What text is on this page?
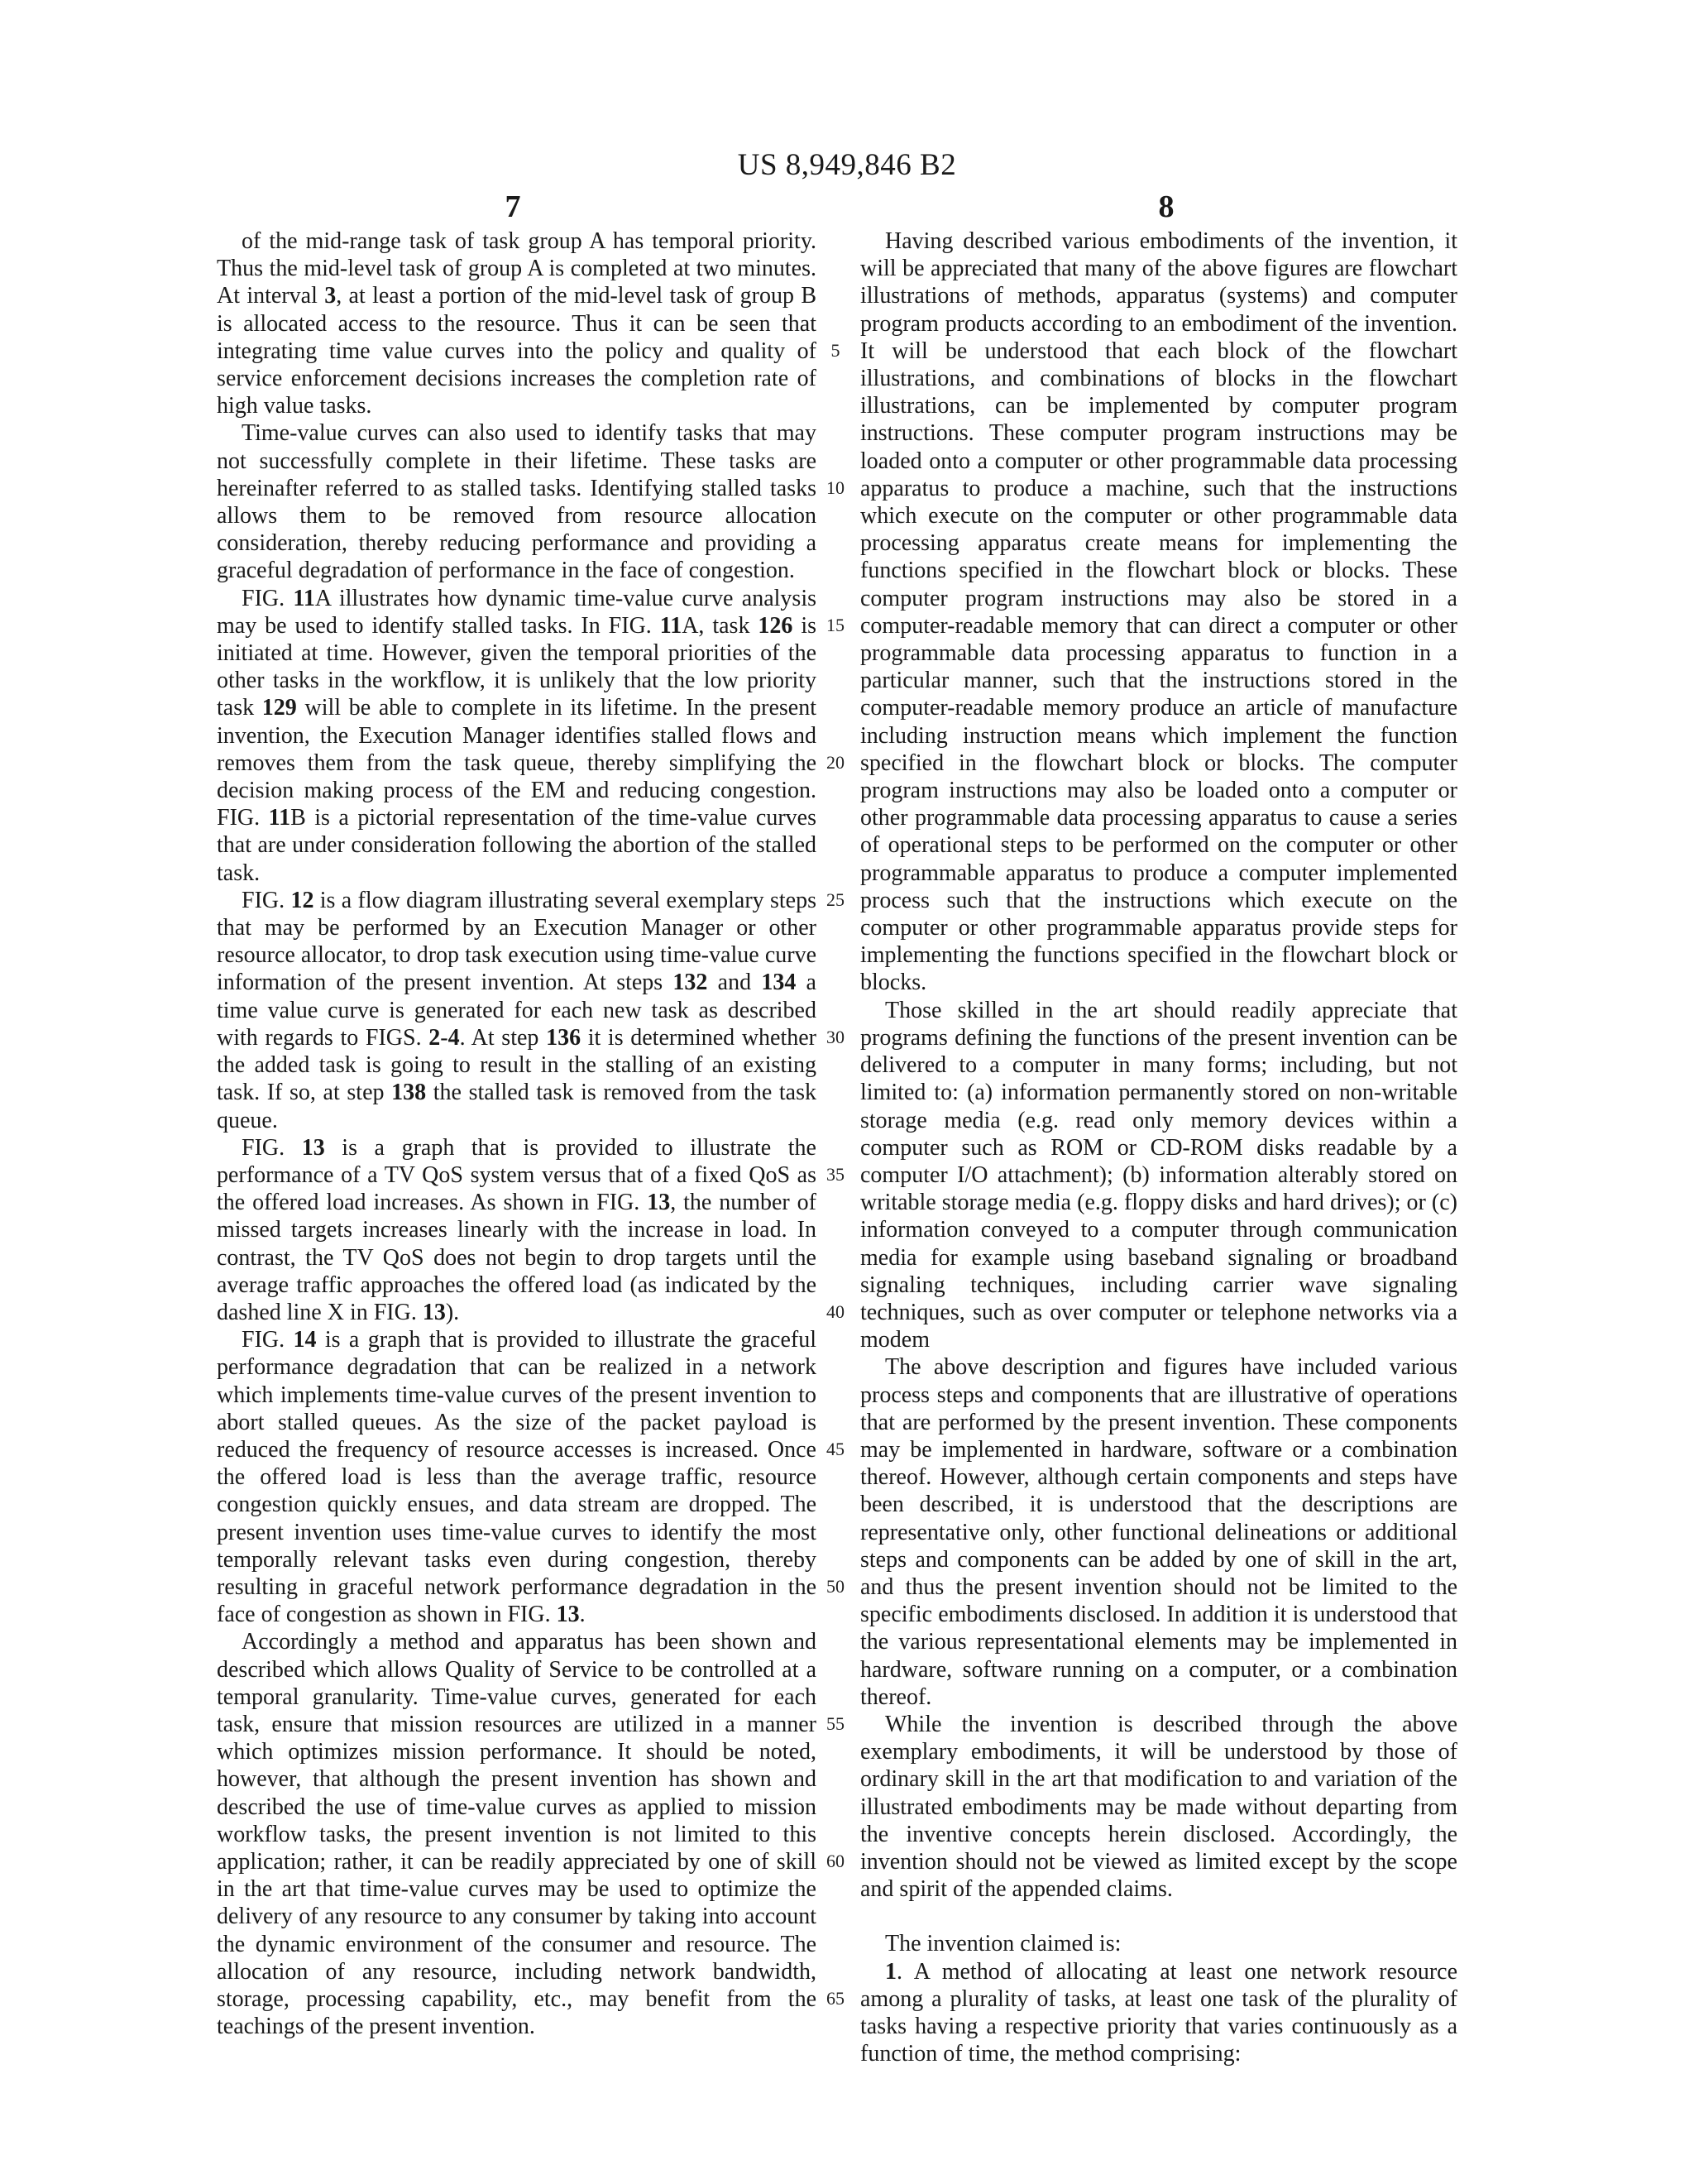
US 8,949,846 B2
7	8

of the mid-range task of task group A has temporal priority. Thus the mid-level task of group A is completed at two minutes. At interval 3, at least a portion of the mid-level task of group B is allocated access to the resource. Thus it can be seen that integrating time value curves into the policy and quality of service enforcement decisions increases the completion rate of high value tasks.

Time-value curves can also used to identify tasks that may not successfully complete in their lifetime. These tasks are hereinafter referred to as stalled tasks. Identifying stalled tasks allows them to be removed from resource allocation consideration, thereby reducing performance and providing a graceful degradation of performance in the face of congestion.

FIG. 11A illustrates how dynamic time-value curve analysis may be used to identify stalled tasks. In FIG. 11A, task 126 is initiated at time. However, given the temporal priorities of the other tasks in the workflow, it is unlikely that the low priority task 129 will be able to complete in its lifetime. In the present invention, the Execution Manager identifies stalled flows and removes them from the task queue, thereby simplifying the decision making process of the EM and reducing congestion. FIG. 11B is a pictorial representation of the time-value curves that are under consideration following the abortion of the stalled task.

FIG. 12 is a flow diagram illustrating several exemplary steps that may be performed by an Execution Manager or other resource allocator, to drop task execution using time-value curve information of the present invention. At steps 132 and 134 a time value curve is generated for each new task as described with regards to FIGS. 2-4. At step 136 it is determined whether the added task is going to result in the stalling of an existing task. If so, at step 138 the stalled task is removed from the task queue.

FIG. 13 is a graph that is provided to illustrate the performance of a TV QoS system versus that of a fixed QoS as the offered load increases. As shown in FIG. 13, the number of missed targets increases linearly with the increase in load. In contrast, the TV QoS does not begin to drop targets until the average traffic approaches the offered load (as indicated by the dashed line X in FIG. 13).

FIG. 14 is a graph that is provided to illustrate the graceful performance degradation that can be realized in a network which implements time-value curves of the present invention to abort stalled queues. As the size of the packet payload is reduced the frequency of resource accesses is increased. Once the offered load is less than the average traffic, resource congestion quickly ensues, and data stream are dropped. The present invention uses time-value curves to identify the most temporally relevant tasks even during congestion, thereby resulting in graceful network performance degradation in the face of congestion as shown in FIG. 13.

Accordingly a method and apparatus has been shown and described which allows Quality of Service to be controlled at a temporal granularity. Time-value curves, generated for each task, ensure that mission resources are utilized in a manner which optimizes mission performance. It should be noted, however, that although the present invention has shown and described the use of time-value curves as applied to mission workflow tasks, the present invention is not limited to this application; rather, it can be readily appreciated by one of skill in the art that time-value curves may be used to optimize the delivery of any resource to any consumer by taking into account the dynamic environment of the consumer and resource. The allocation of any resource, including network bandwidth, storage, processing capability, etc., may benefit from the teachings of the present invention.

5
10
15
20
25
30
35
40
45
50
55
60
65

Having described various embodiments of the invention, it will be appreciated that many of the above figures are flowchart illustrations of methods, apparatus (systems) and computer program products according to an embodiment of the invention. It will be understood that each block of the flowchart illustrations, and combinations of blocks in the flowchart illustrations, can be implemented by computer program instructions. These computer program instructions may be loaded onto a computer or other programmable data processing apparatus to produce a machine, such that the instructions which execute on the computer or other programmable data processing apparatus create means for implementing the functions specified in the flowchart block or blocks. These computer program instructions may also be stored in a computer-readable memory that can direct a computer or other programmable data processing apparatus to function in a particular manner, such that the instructions stored in the computer-readable memory produce an article of manufacture including instruction means which implement the function specified in the flowchart block or blocks. The computer program instructions may also be loaded onto a computer or other programmable data processing apparatus to cause a series of operational steps to be performed on the computer or other programmable apparatus to produce a computer implemented process such that the instructions which execute on the computer or other programmable apparatus provide steps for implementing the functions specified in the flowchart block or blocks.

Those skilled in the art should readily appreciate that programs defining the functions of the present invention can be delivered to a computer in many forms; including, but not limited to: (a) information permanently stored on non-writable storage media (e.g. read only memory devices within a computer such as ROM or CD-ROM disks readable by a computer I/O attachment); (b) information alterably stored on writable storage media (e.g. floppy disks and hard drives); or (c) information conveyed to a computer through communication media for example using baseband signaling or broadband signaling techniques, including carrier wave signaling techniques, such as over computer or telephone networks via a modem

The above description and figures have included various process steps and components that are illustrative of operations that are performed by the present invention. These components may be implemented in hardware, software or a combination thereof. However, although certain components and steps have been described, it is understood that the descriptions are representative only, other functional delineations or additional steps and components can be added by one of skill in the art, and thus the present invention should not be limited to the specific embodiments disclosed. In addition it is understood that the various representational elements may be implemented in hardware, software running on a computer, or a combination thereof.

While the invention is described through the above exemplary embodiments, it will be understood by those of ordinary skill in the art that modification to and variation of the illustrated embodiments may be made without departing from the inventive concepts herein disclosed. Accordingly, the invention should not be viewed as limited except by the scope and spirit of the appended claims.

The invention claimed is:

1. A method of allocating at least one network resource among a plurality of tasks, at least one task of the plurality of tasks having a respective priority that varies continuously as a function of time, the method comprising:
